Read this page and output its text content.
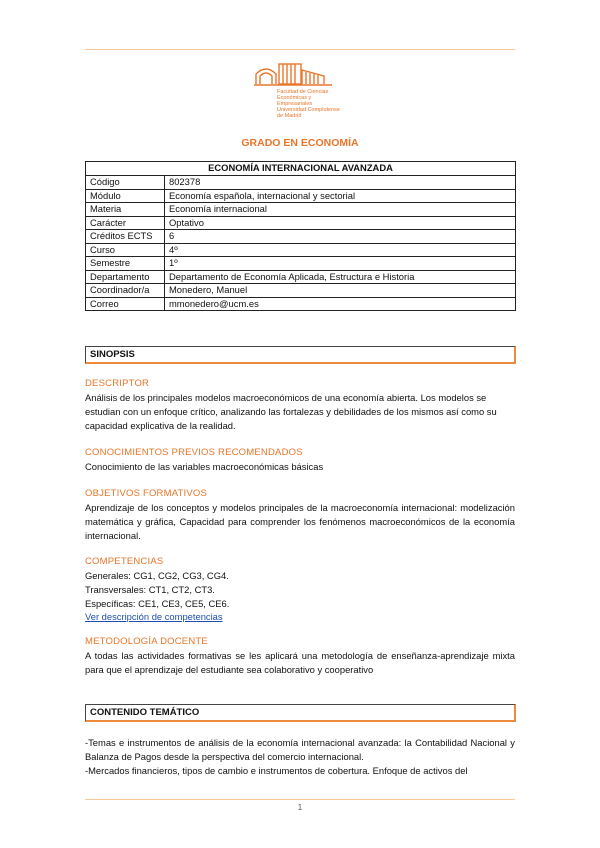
Facultad de Ciencias
Económicas y Empresariales
Universidad Complutense de Madrid
GRADO EN ECONOMÍA
ECONOMÍA INTERNACIONAL AVANZADA	
Código	802378
Módulo	Economía española, internacional y sectorial
Materia	Economía internacional
Carácter	Optativo
Créditos ECTS	6
Curso	4º
Semestre	1º
Departamento	Departamento de Economía Aplicada, Estructura e Historia
Coordinador/a	Monedero, Manuel
Correo	mmonedero@ucm.es
SINOPSIS
DESCRIPTOR
Análisis de los principales modelos macroeconómicos de una economía abierta. Los modelos se estudian con un enfoque crítico, analizando las fortalezas y debilidades de los mismos así como su capacidad explicativa de la realidad.
CONOCIMIENTOS PREVIOS RECOMENDADOS
Conocimiento de las variables macroeconómicas básicas
OBJETIVOS FORMATIVOS
Aprendizaje de los conceptos y modelos principales de la macroeconomía internacional: modelización matemática y gráfica, Capacidad para comprender los fenómenos macroeconómicos de la economía internacional.
COMPETENCIAS
Generales: CG1, CG2, CG3, CG4.
Transversales: CT1, CT2, CT3.
Específicas: CE1, CE3, CE5, CE6.
Ver descripción de competencias
METODOLOGÍA DOCENTE
A todas las actividades formativas se les aplicará una metodología de enseñanza-aprendizaje mixta para que el aprendizaje del estudiante sea colaborativo y cooperativo
CONTENIDO TEMÁTICO
-Temas e instrumentos de análisis de la economía internacional avanzada: la Contabilidad Nacional y Balanza de Pagos desde la perspectiva del comercio internacional.
-Mercados financieros, tipos de cambio e instrumentos de cobertura. Enfoque de activos del
1
